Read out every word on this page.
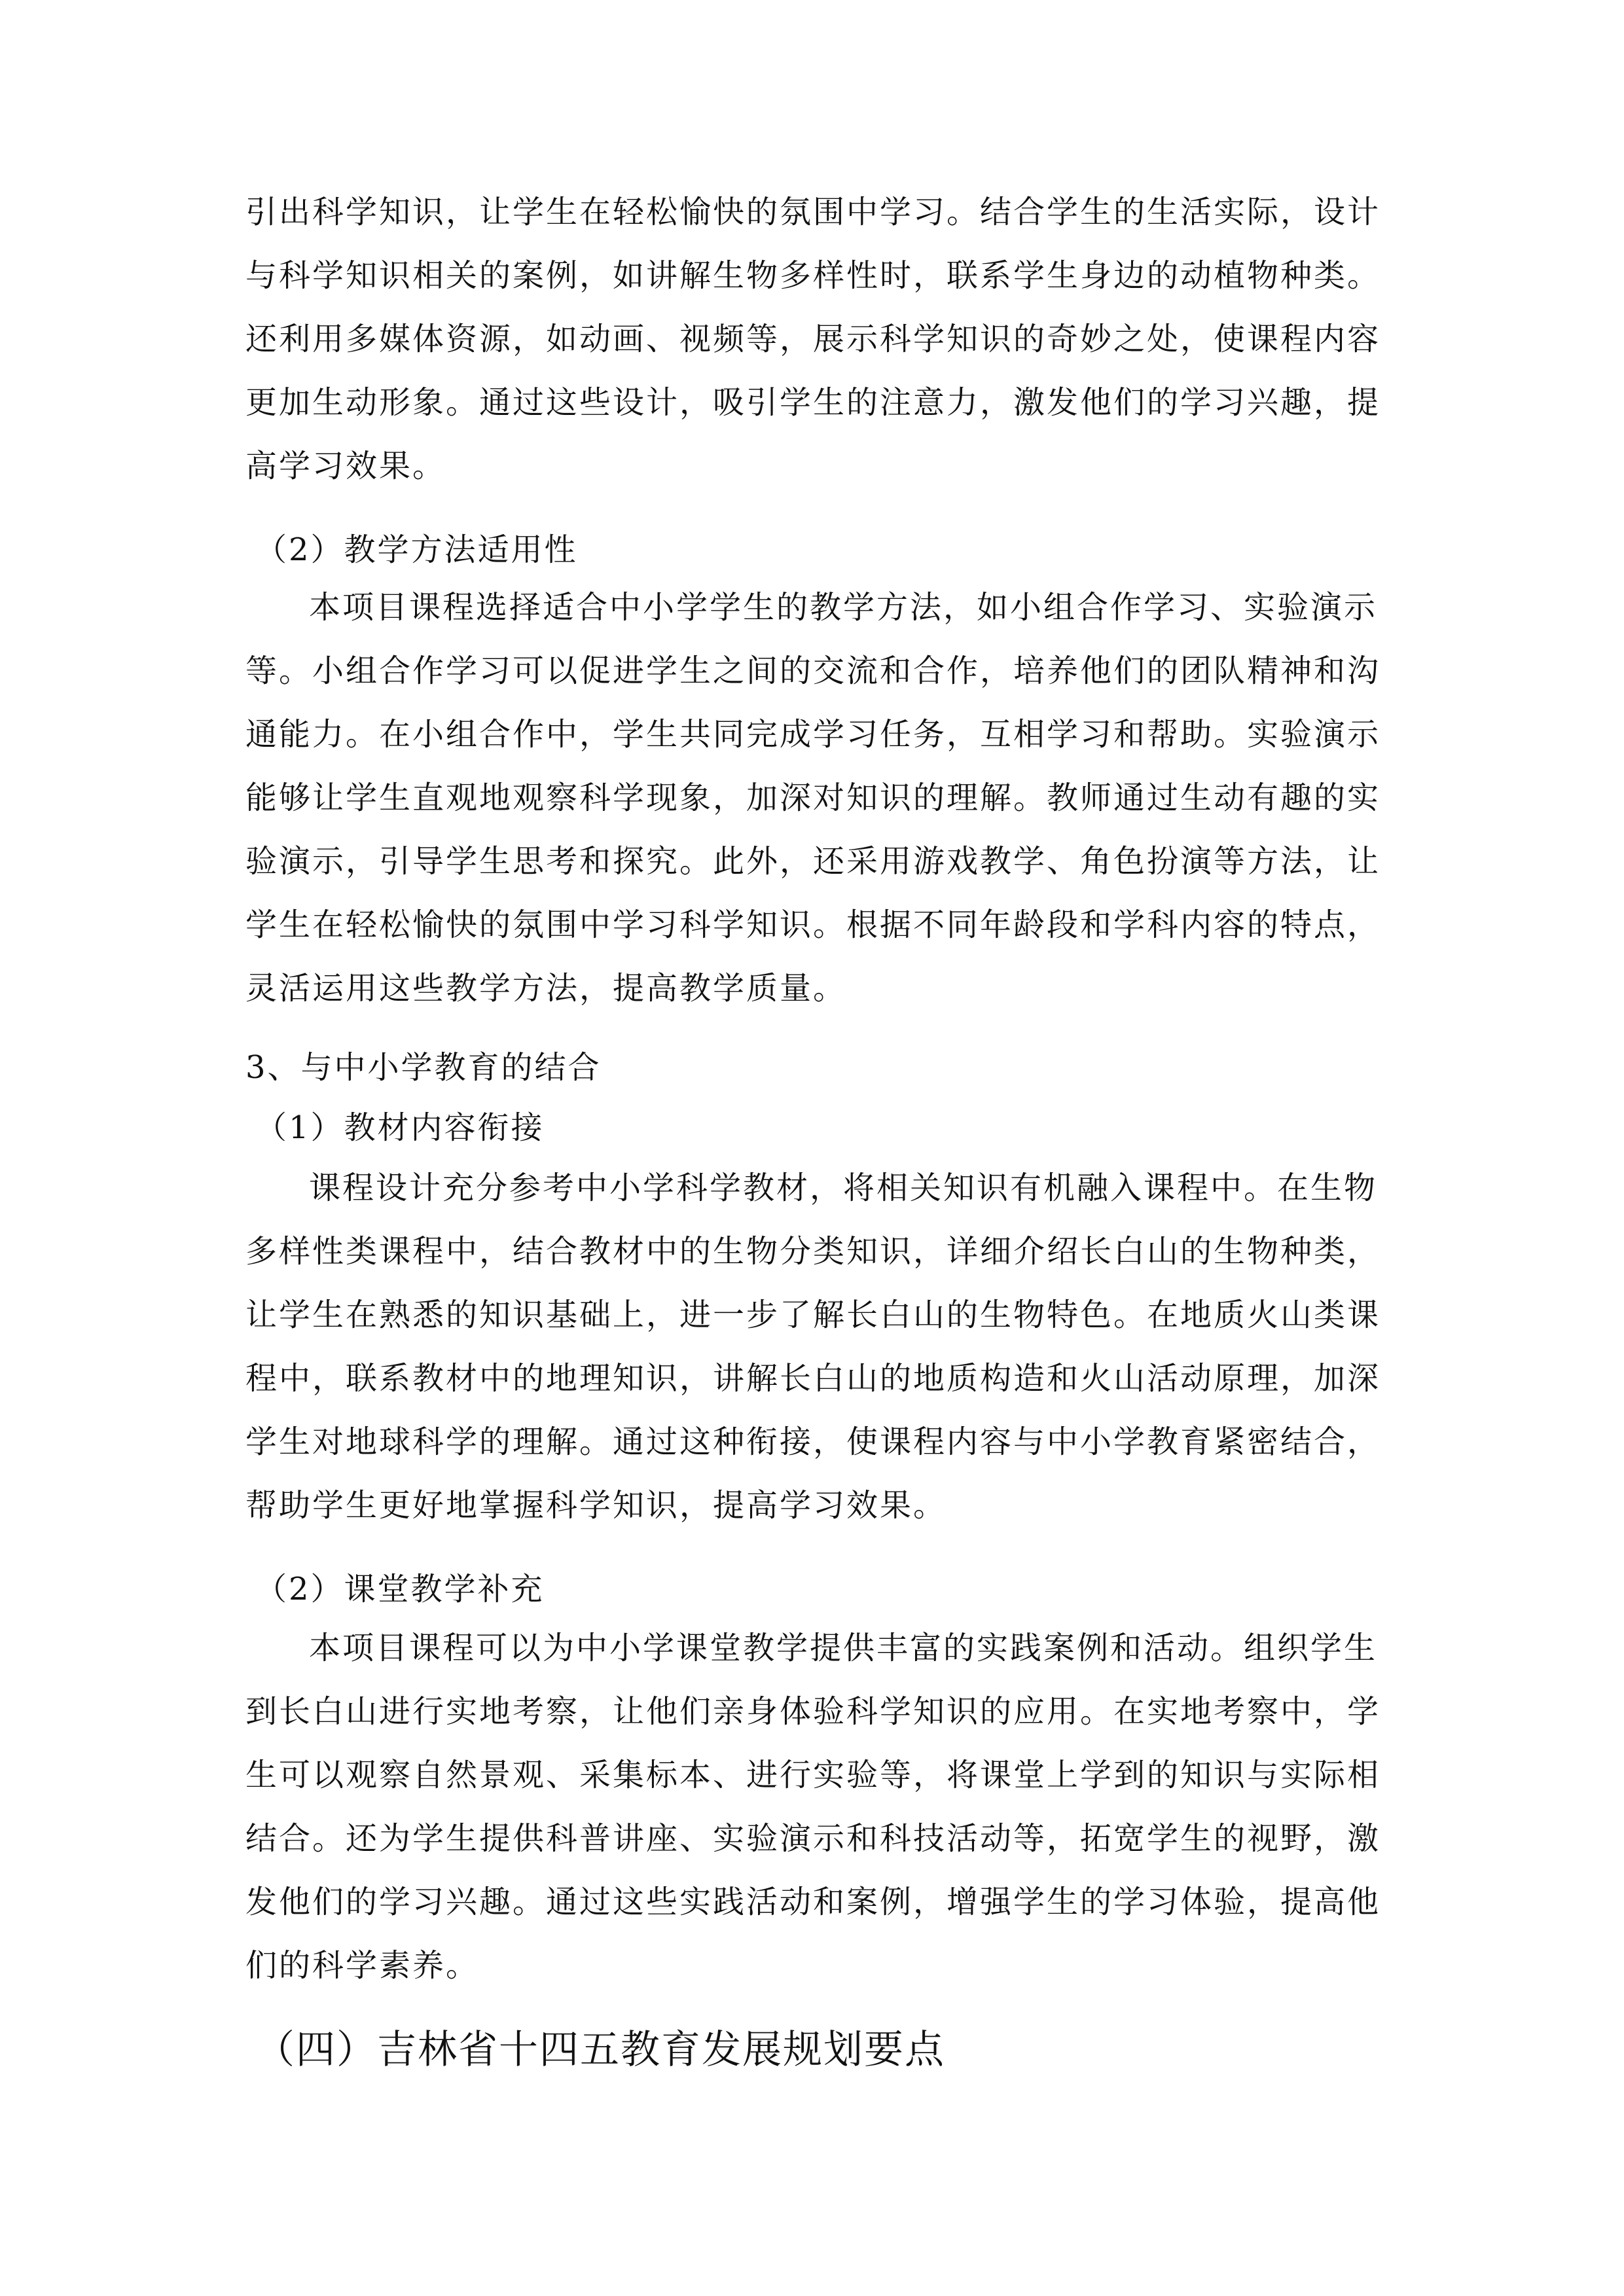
引出科学知识，让学生在轻松愉快的氛围中学习。结合学生的生活实际，设计
与科学知识相关的案例，如讲解生物多样性时，联系学生身边的动植物种类。
还利用多媒体资源，如动画、视频等，展示科学知识的奇妙之处，使课程内容
更加生动形象。通过这些设计，吸引学生的注意力，激发他们的学习兴趣，提
高学习效果。
（2）教学方法适用性
本项目课程选择适合中小学学生的教学方法，如小组合作学习、实验演示
等。小组合作学习可以促进学生之间的交流和合作，培养他们的团队精神和沟
通能力。在小组合作中，学生共同完成学习任务，互相学习和帮助。实验演示
能够让学生直观地观察科学现象，加深对知识的理解。教师通过生动有趣的实
验演示，引导学生思考和探究。此外，还采用游戏教学、角色扮演等方法，让
学生在轻松愉快的氛围中学习科学知识。根据不同年龄段和学科内容的特点，
灵活运用这些教学方法，提高教学质量。
3、与中小学教育的结合
（1）教材内容衔接
课程设计充分参考中小学科学教材，将相关知识有机融入课程中。在生物
多样性类课程中，结合教材中的生物分类知识，详细介绍长白山的生物种类，
让学生在熟悉的知识基础上，进一步了解长白山的生物特色。在地质火山类课
程中，联系教材中的地理知识，讲解长白山的地质构造和火山活动原理，加深
学生对地球科学的理解。通过这种衔接，使课程内容与中小学教育紧密结合，
帮助学生更好地掌握科学知识，提高学习效果。
（2）课堂教学补充
本项目课程可以为中小学课堂教学提供丰富的实践案例和活动。组织学生
到长白山进行实地考察，让他们亲身体验科学知识的应用。在实地考察中，学
生可以观察自然景观、采集标本、进行实验等，将课堂上学到的知识与实际相
结合。还为学生提供科普讲座、实验演示和科技活动等，拓宽学生的视野，激
发他们的学习兴趣。通过这些实践活动和案例，增强学生的学习体验，提高他
们的科学素养。
（四）吉林省十四五教育发展规划要点
